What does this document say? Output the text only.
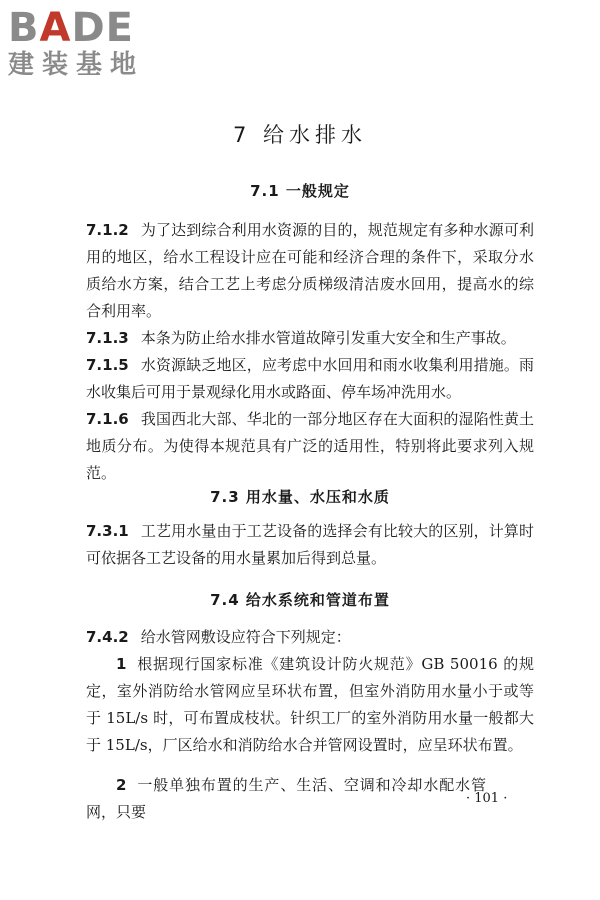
BADE
建装基地
7 给水排水
7.1 一般规定
7.1.2 为了达到综合利用水资源的目的，规范规定有多种水源可利用的地区，给水工程设计应在可能和经济合理的条件下，采取分水质给水方案，结合工艺上考虑分质梯级清洁废水回用，提高水的综合利用率。
7.1.3 本条为防止给水排水管道故障引发重大安全和生产事故。
7.1.5 水资源缺乏地区，应考虑中水回用和雨水收集利用措施。雨水收集后可用于景观绿化用水或路面、停车场冲洗用水。
7.1.6 我国西北大部、华北的一部分地区存在大面积的湿陷性黄土地质分布。为使得本规范具有广泛的适用性，特别将此要求列入规范。
7.3 用水量、水压和水质
7.3.1 工艺用水量由于工艺设备的选择会有比较大的区别，计算时可依据各工艺设备的用水量累加后得到总量。
7.4 给水系统和管道布置
7.4.2 给水管网敷设应符合下列规定：
1 根据现行国家标准《建筑设计防火规范》GB 50016 的规定，室外消防给水管网应呈环状布置，但室外消防用水量小于或等于 15L/s 时，可布置成枝状。针织工厂的室外消防用水量一般都大于 15L/s，厂区给水和消防给水合并管网设置时，应呈环状布置。
2 一般单独布置的生产、生活、空调和冷却水配水管网，只要
· 101 ·
